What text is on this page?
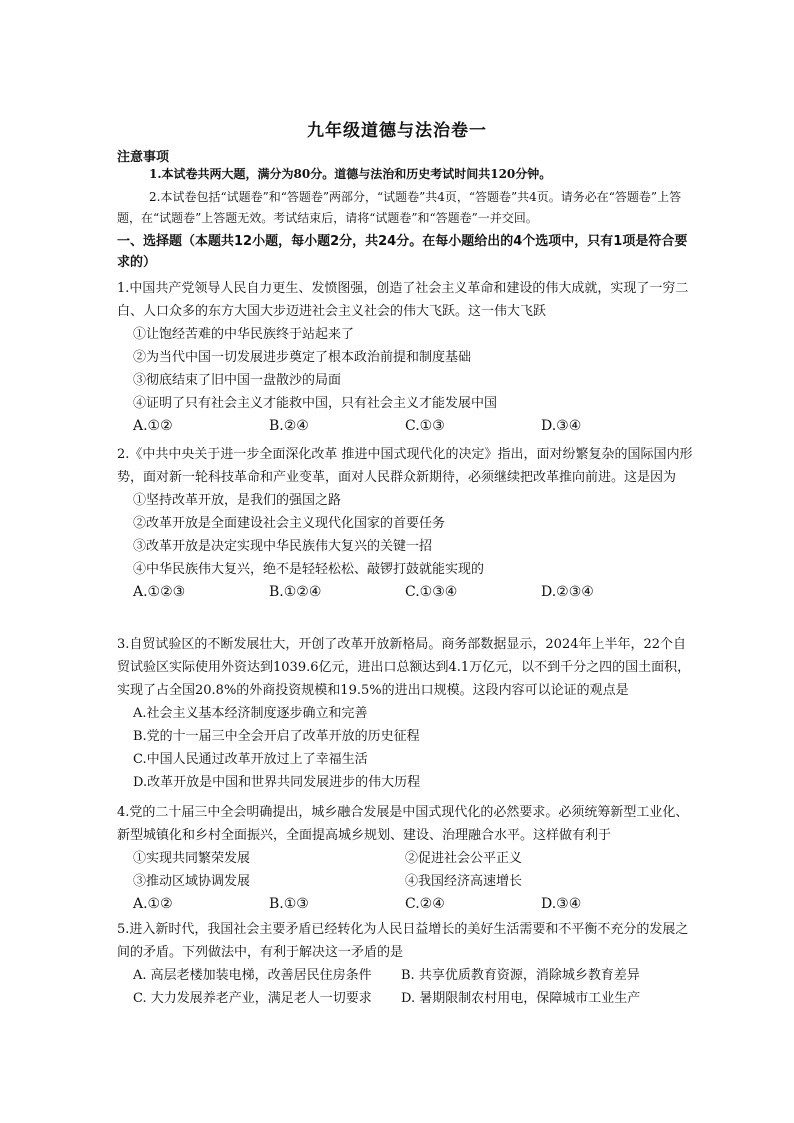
九年级道德与法治卷一
注意事项
1.本试卷共两大题，满分为80分。道德与法治和历史考试时间共120分钟。
2.本试卷包括“试题卷”和“答题卷”两部分，“试题卷”共4页，“答题卷”共4页。请务必在“答题卷”上答题，在“试题卷”上答题无效。考试结束后，请将“试题卷”和“答题卷”一并交回。
一、选择题（本题共12小题，每小题2分，共24分。在每小题给出的4个选项中，只有1项是符合要求的）

1.中国共产党领导人民自力更生、发愤图强，创造了社会主义革命和建设的伟大成就，实现了一穷二白、人口众多的东方大国大步迈进社会主义社会的伟大飞跃。这一伟大飞跃

①让饱经苦难的中华民族终于站起来了

②为当代中国一切发展进步奠定了根本政治前提和制度基础

③彻底结束了旧中国一盘散沙的局面

④证明了只有社会主义才能救中国，只有社会主义才能发展中国

A.①②	B.②④	C.①③	D.③④

2.《中共中央关于进一步全面深化改革 推进中国式现代化的决定》指出，面对纷繁复杂的国际国内形势，面对新一轮科技革命和产业变革，面对人民群众新期待，必须继续把改革推向前进。这是因为

①坚持改革开放，是我们的强国之路

②改革开放是全面建设社会主义现代化国家的首要任务

③改革开放是决定实现中华民族伟大复兴的关键一招

④中华民族伟大复兴，绝不是轻轻松松、敲锣打鼓就能实现的

A.①②③	B.①②④	C.①③④	D.②③④

3.自贸试验区的不断发展壮大，开创了改革开放新格局。商务部数据显示，2024年上半年，22个自贸试验区实际使用外资达到1039.6亿元，进出口总额达到4.1万亿元，以不到千分之四的国土面积，实现了占全国20.8%的外商投资规模和19.5%的进出口规模。这段内容可以论证的观点是

A.社会主义基本经济制度逐步确立和完善

B.党的十一届三中全会开启了改革开放的历史征程

C.中国人民通过改革开放过上了幸福生活

D.改革开放是中国和世界共同发展进步的伟大历程

4.党的二十届三中全会明确提出，城乡融合发展是中国式现代化的必然要求。必须统筹新型工业化、新型城镇化和乡村全面振兴，全面提高城乡规划、建设、治理融合水平。这样做有利于

①实现共同繁荣发展	②促进社会公平正义
③推动区域协调发展	④我国经济高速增长
A.①②	B.①③	C.②④	D.③④

5.进入新时代，我国社会主要矛盾已经转化为人民日益增长的美好生活需要和不平衡不充分的发展之间的矛盾。下列做法中，有利于解决这一矛盾的是

A. 高层老楼加装电梯，改善居民住房条件	B. 共享优质教育资源，消除城乡教育差异
C. 大力发展养老产业，满足老人一切要求	D. 暑期限制农村用电，保障城市工业生产
